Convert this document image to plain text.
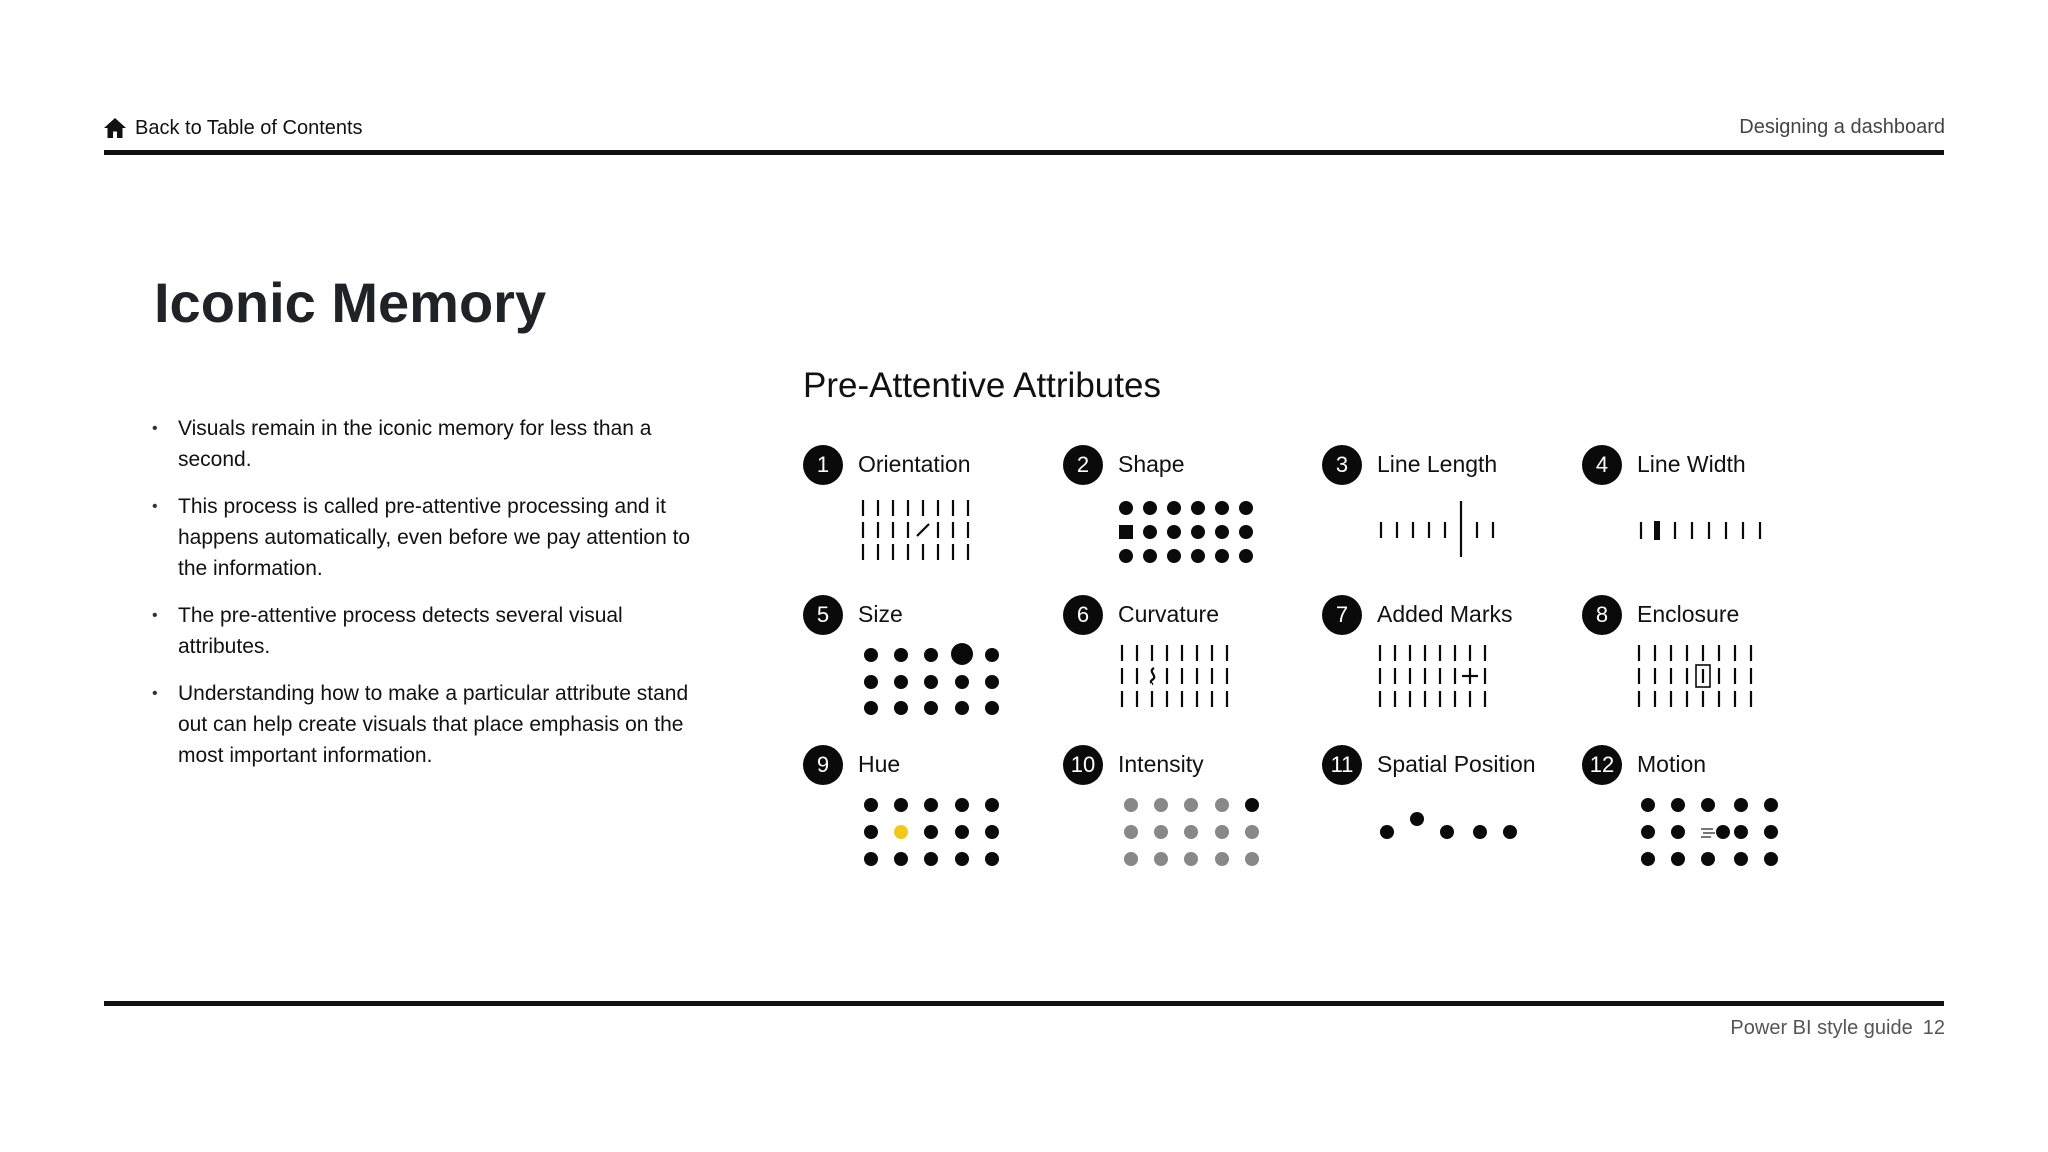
Back to Table of Contents	Designing a dashboard
Iconic Memory
• Visuals remain in the iconic memory for less than a second.
• This process is called pre-attentive processing and it happens automatically, even before we pay attention to the information.
• The pre-attentive process detects several visual attributes.
• Understanding how to make a particular attribute stand out can help create visuals that place emphasis on the most important information.
Pre-Attentive Attributes
1	Orientation	2	Shape	3	Line Length	4	Line Width
5	Size	6	Curvature	7	Added Marks	8	Enclosure
9	Hue	10 Intensity	11	Spatial Position	12 Motion
Power BI style guide 12
